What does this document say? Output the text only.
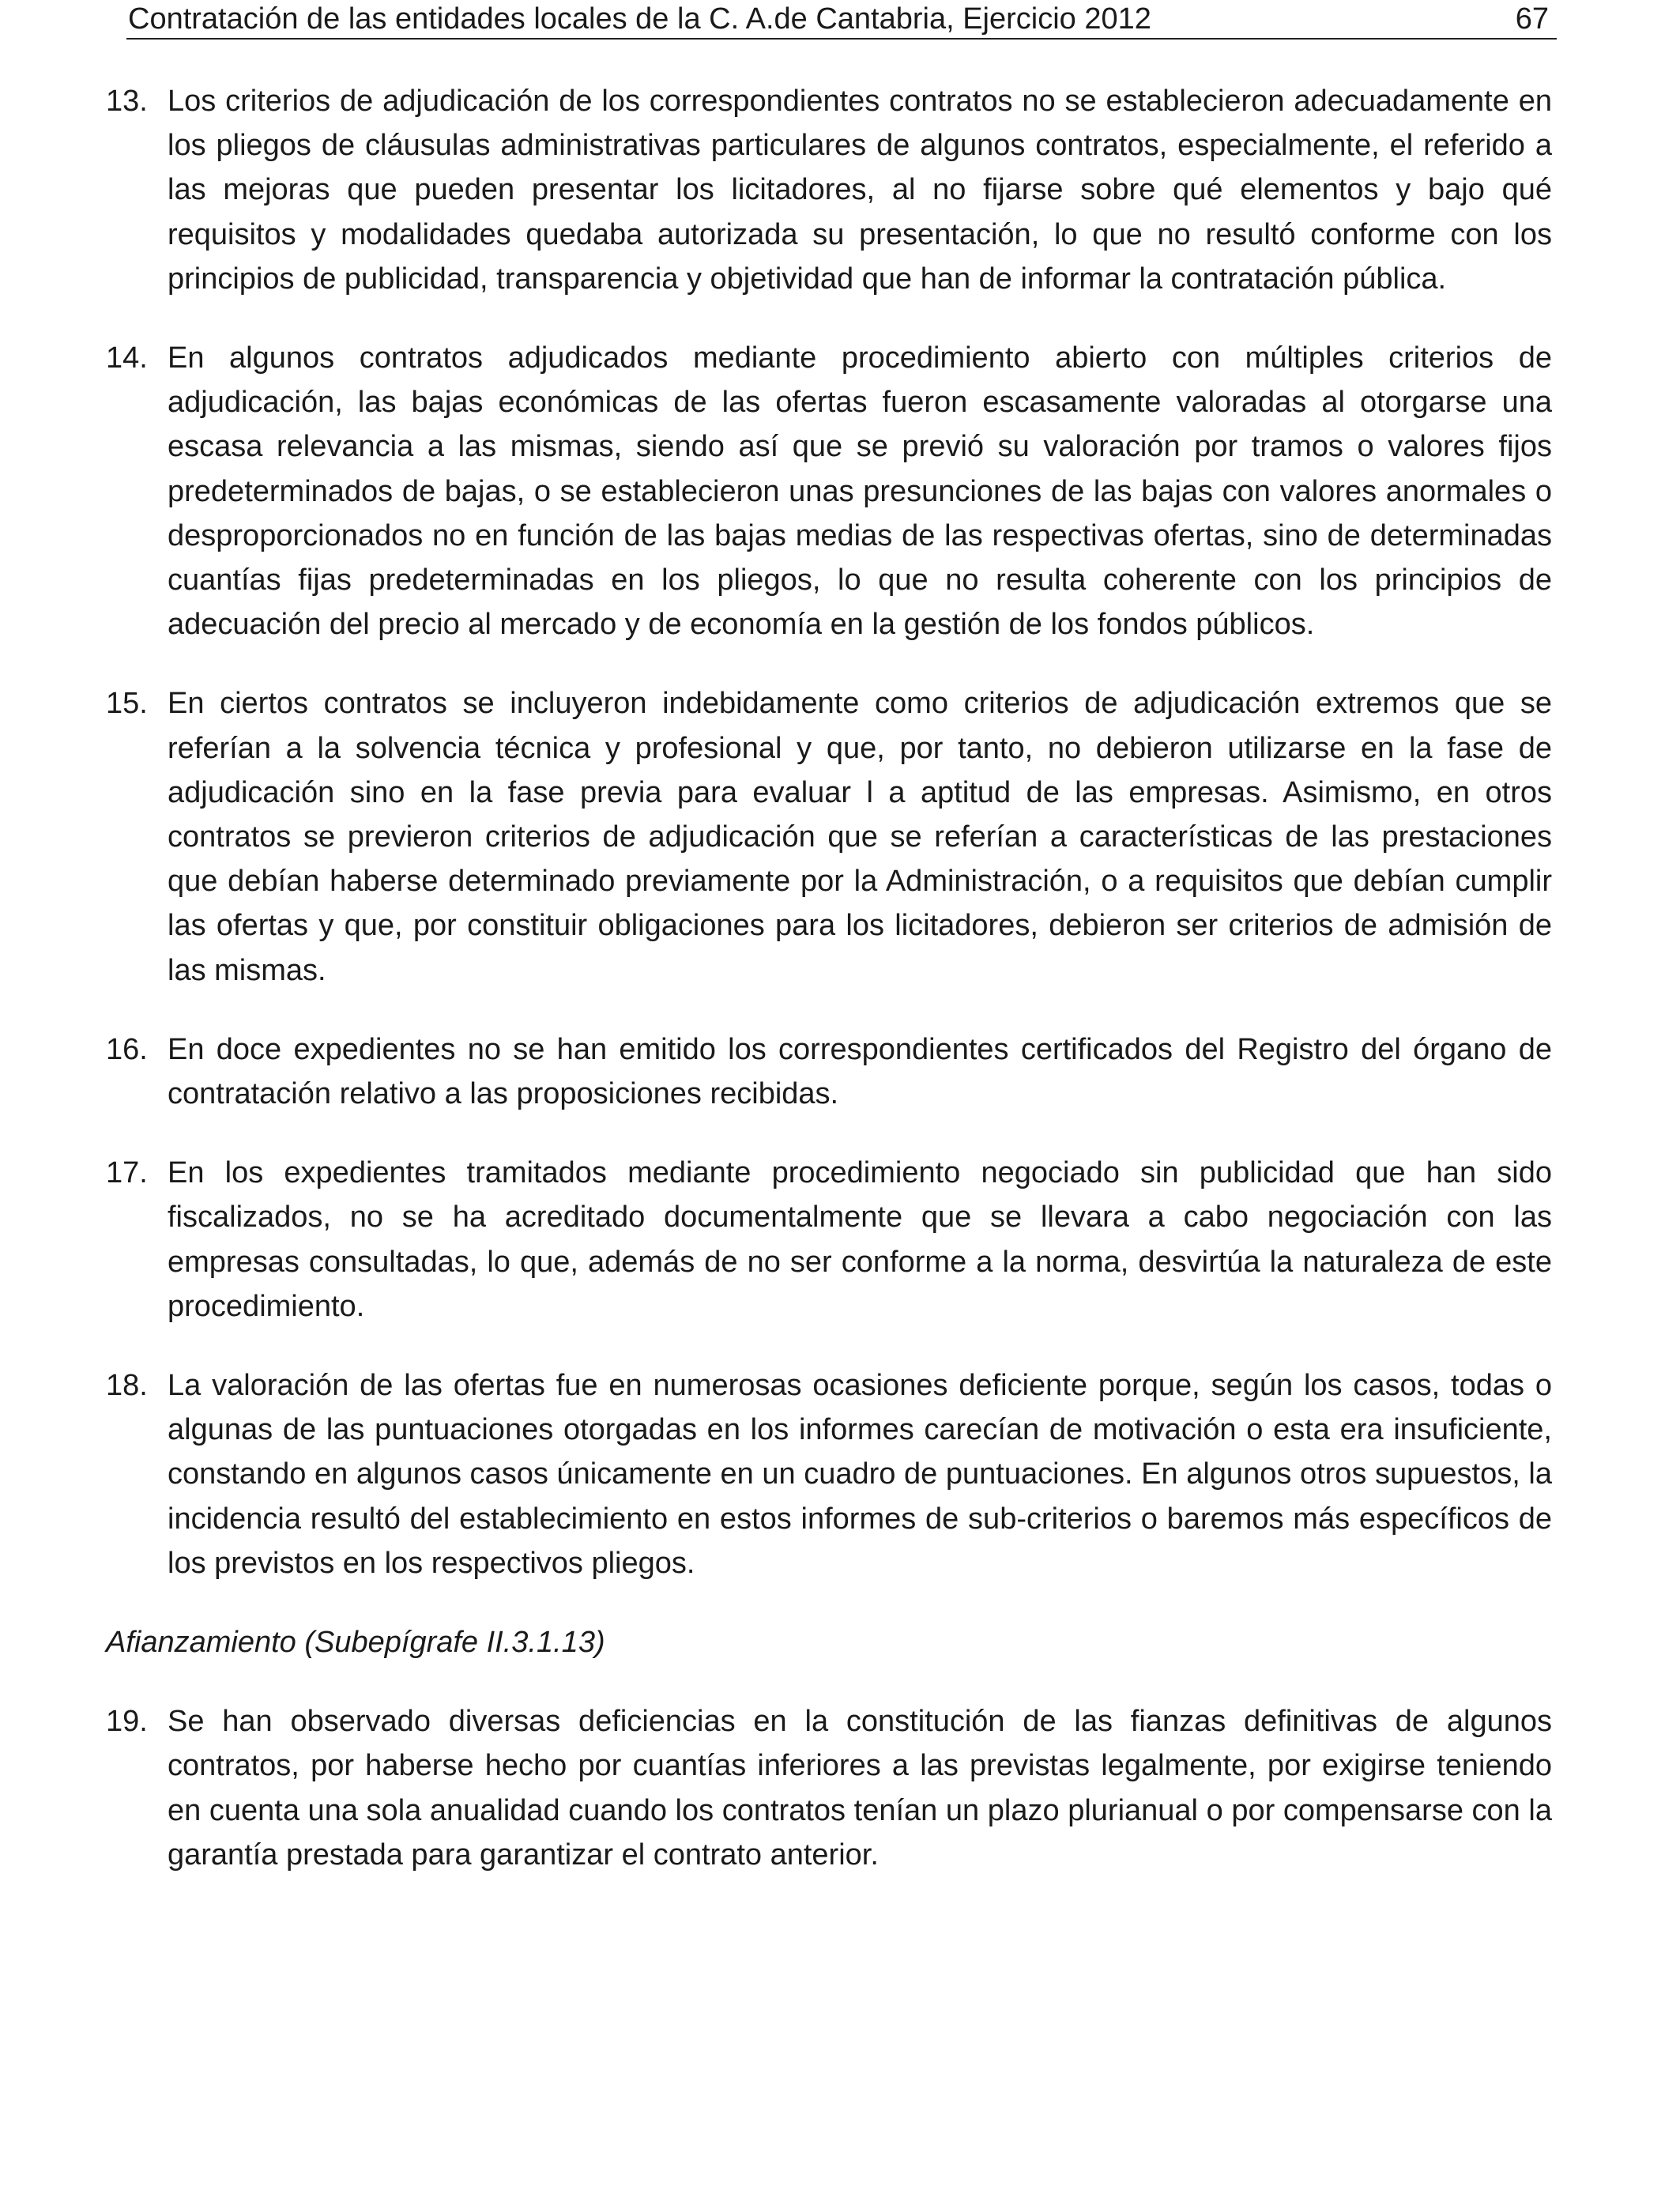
Contratación de las entidades locales de la C. A.de Cantabria, Ejercicio 2012	67
13. Los criterios de adjudicación de los correspondientes contratos no se establecieron adecuadamente en los pliegos de cláusulas administrativas particulares de algunos contratos, especialmente, el referido a las mejoras que pueden presentar los licitadores, al no fijarse sobre qué elementos y bajo qué requisitos y modalidades quedaba autorizada su presentación, lo que no resultó conforme con los principios de publicidad, transparencia y objetividad que han de informar la contratación pública.
14. En algunos contratos adjudicados mediante procedimiento abierto con múltiples criterios de adjudicación, las bajas económicas de las ofertas fueron escasamente valoradas al otorgarse una escasa relevancia a las mismas, siendo así que se previó su valoración por tramos o valores fijos predeterminados de bajas, o se establecieron unas presunciones de las bajas con valores anormales o desproporcionados no en función de las bajas medias de las respectivas ofertas, sino de determinadas cuantías fijas predeterminadas en los pliegos, lo que no resulta coherente con los principios de adecuación del precio al mercado y de economía en la gestión de los fondos públicos.
15. En ciertos contratos se incluyeron indebidamente como criterios de adjudicación extremos que se referían a la solvencia técnica y profesional y que, por tanto, no debieron utilizarse en la fase de adjudicación sino en la fase previa para evaluar l a aptitud de las empresas. Asimismo, en otros contratos se previeron criterios de adjudicación que se referían a características de las prestaciones que debían haberse determinado previamente por la Administración, o a requisitos que debían cumplir las ofertas y que, por constituir obligaciones para los licitadores, debieron ser criterios de admisión de las mismas.
16. En doce expedientes no se han emitido los correspondientes certificados del Registro del órgano de contratación relativo a las proposiciones recibidas.
17. En los expedientes tramitados mediante procedimiento negociado sin publicidad que han sido fiscalizados, no se ha acreditado documentalmente que se llevara a cabo negociación con las empresas consultadas, lo que, además de no ser conforme a la norma, desvirtúa la naturaleza de este procedimiento.
18. La valoración de las ofertas fue en numerosas ocasiones deficiente porque, según los casos, todas o algunas de las puntuaciones otorgadas en los informes carecían de motivación o esta era insuficiente, constando en algunos casos únicamente en un cuadro de puntuaciones. En algunos otros supuestos, la incidencia resultó del establecimiento en estos informes de sub-criterios o baremos más específicos de los previstos en los respectivos pliegos.
Afianzamiento (Subepígrafe II.3.1.13)
19. Se han observado diversas deficiencias en la constitución de las fianzas definitivas de algunos contratos, por haberse hecho por cuantías inferiores a las previstas legalmente, por exigirse teniendo en cuenta una sola anualidad cuando los contratos tenían un plazo plurianual o por compensarse con la garantía prestada para garantizar el contrato anterior.
